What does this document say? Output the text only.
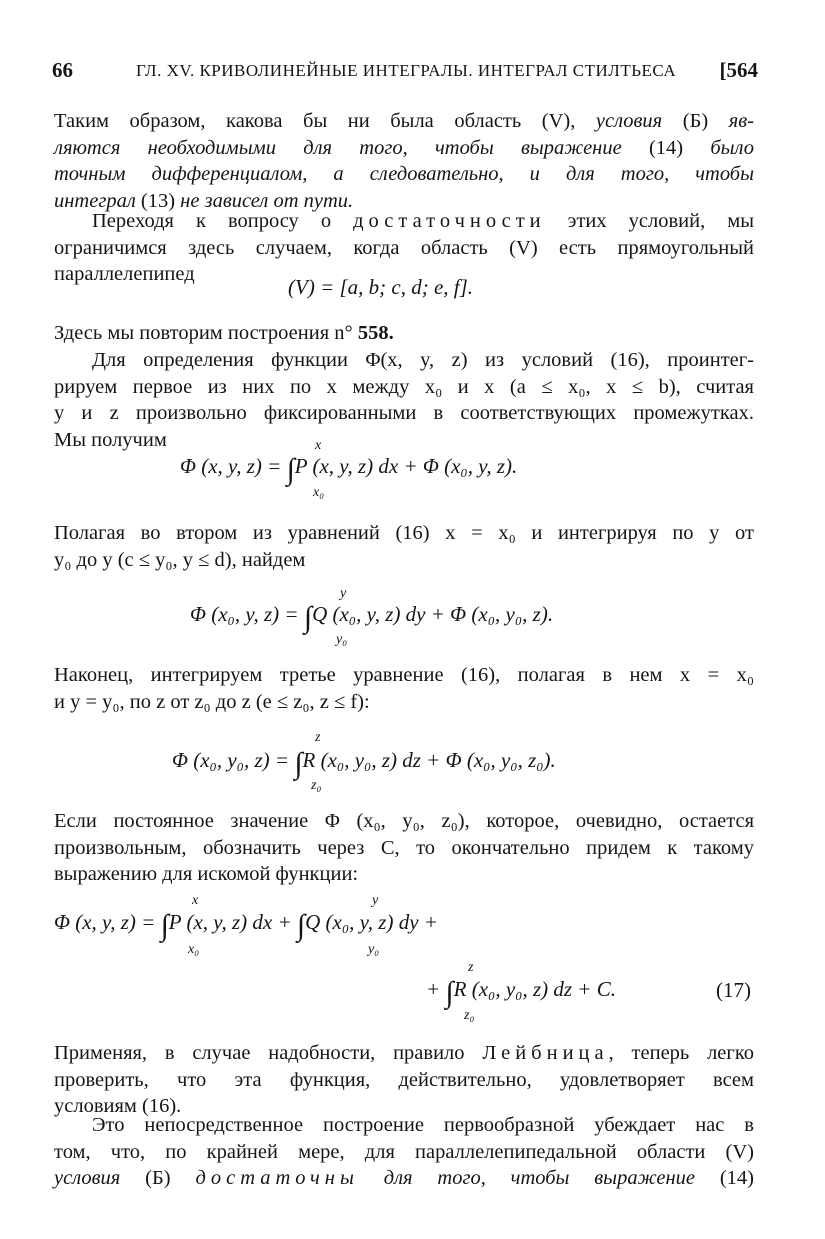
66	ГЛ. XV. КРИВОЛИНЕЙНЫЕ ИНТЕГРАЛЫ. ИНТЕГРАЛ СТИЛТЬЕСА [564
Таким образом, какова бы ни была область (V), условия (Б) яв-
ляются необходимыми для того, чтобы выражение (14) было
точным дифференциалом, а следовательно, и для того, чтобы
интеграл (13) не зависел от пути.
Переходя к вопросу о достаточности этих условий, мы
ограничимся здесь случаем, когда область (V) есть прямоугольный
параллелепипед
(V) = [a, b; c, d; e, f].
Здесь мы повторим построения n° 558.
Для определения функции Φ(x, y, z) из условий (16), проинтег-
рируем первое из них по x между x₀ и x (a ≤ x₀, x ≤ b), считая
y и z произвольно фиксированными в соответствующих промежутках.
Мы получим	x
Φ (x, y, z) = ∫P (x, y, z) dx + Φ (x₀, y, z).
x₀
Полагая во втором из уравнений (16) x = x₀ и интегрируя по y от
y₀ до y (c ≤ y₀, y ≤ d), найдем
y
Φ (x₀, y, z) = ∫Q (x₀, y, z) dy + Φ (x₀, y₀, z).
y₀
Наконец, интегрируем третье уравнение (16), полагая в нем x = x₀
и y = y₀, по z от z₀ до z (e ≤ z₀, z ≤ f):
z
Φ (x₀, y₀, z) = ∫R (x₀, y₀, z) dz + Φ (x₀, y₀, z₀).
z₀
Если постоянное значение Φ (x₀, y₀, z₀), которое, очевидно, остается
произвольным, обозначить через C, то окончательно придем к такому
выражению для искомой функции:
x	y
Φ (x, y, z) = ∫P (x, y, z) dx + ∫Q (x₀, y, z) dy +
x₀	y₀
z
+ ∫R (x₀, y₀, z) dz + C.
z₀
(17)
Применяя, в случае надобности, правило Лейбница, теперь легко
проверить, что эта функция, действительно, удовлетворяет всем
условиям (16).
Это непосредственное построение первообразной убеждает нас в
том, что, по крайней мере, для параллелепипедальной области (V)
условия (Б) достаточны для того, чтобы выражение (14)
